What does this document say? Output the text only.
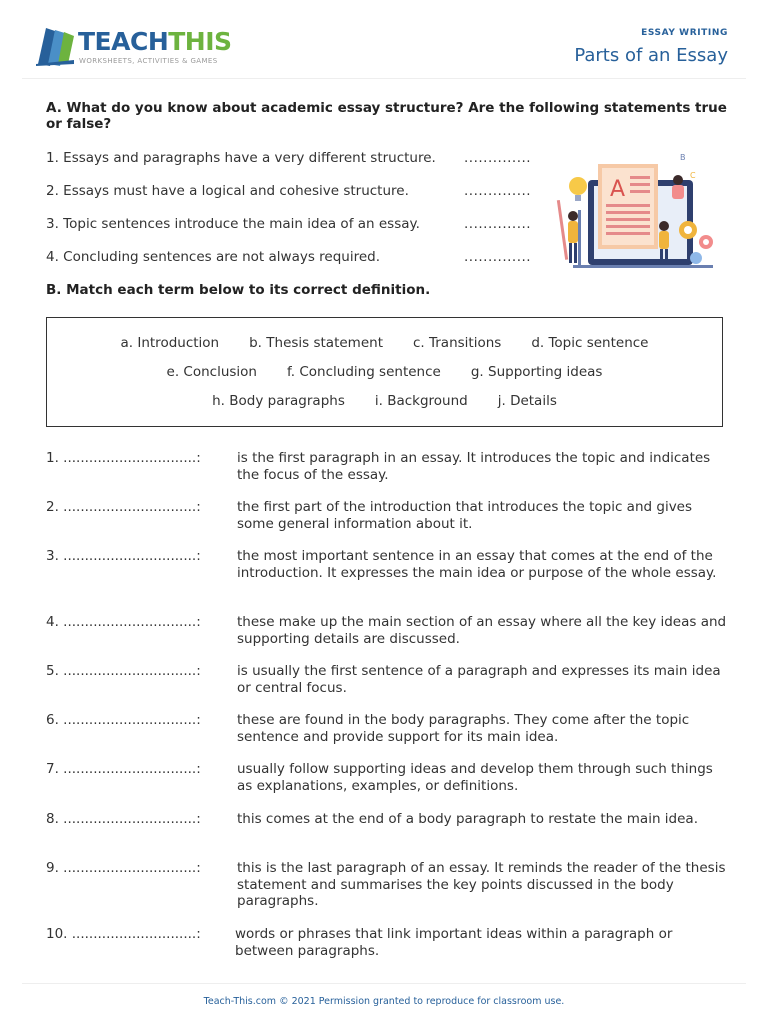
TEACHTHIS
WORKSHEETS, ACTIVITIES & GAMES
ESSAY WRITING
Parts of an Essay
A. What do you know about academic essay structure? Are the following statements true or false?
1. Essays and paragraphs have a very different structure. ..............
2. Essays must have a logical and cohesive structure.	..............
3. Topic sentences introduce the main idea of an essay.	..............
4. Concluding sentences are not always required.	..............
A
B
C
B. Match each term below to its correct definition.
a. Introduction b. Thesis statement c. Transitions d. Topic sentence
e. Conclusion f. Concluding sentence g. Supporting ideas
h. Body paragraphs i. Background j. Details
1. ...............................:	is the first paragraph in an essay. It introduces the topic and indicates the focus of the essay.
2. ...............................:	the first part of the introduction that introduces the topic and gives some general information about it.
3. ...............................:	the most important sentence in an essay that comes at the end of the introduction. It expresses the main idea or purpose of the whole essay.
4. ...............................:	these make up the main section of an essay where all the key ideas and supporting details are discussed.
5. ...............................:	is usually the first sentence of a paragraph and expresses its main idea or central focus.
6. ...............................:	these are found in the body paragraphs. They come after the topic sentence and provide support for its main idea.
7. ...............................:	usually follow supporting ideas and develop them through such things as explanations, examples, or definitions.
8. ...............................:	this comes at the end of a body paragraph to restate the main idea.
9. ...............................:	this is the last paragraph of an essay. It reminds the reader of the thesis statement and summarises the key points discussed in the body paragraphs.
10. .............................:	words or phrases that link important ideas within a paragraph or between paragraphs.
Teach-This.com © 2021 Permission granted to reproduce for classroom use.
